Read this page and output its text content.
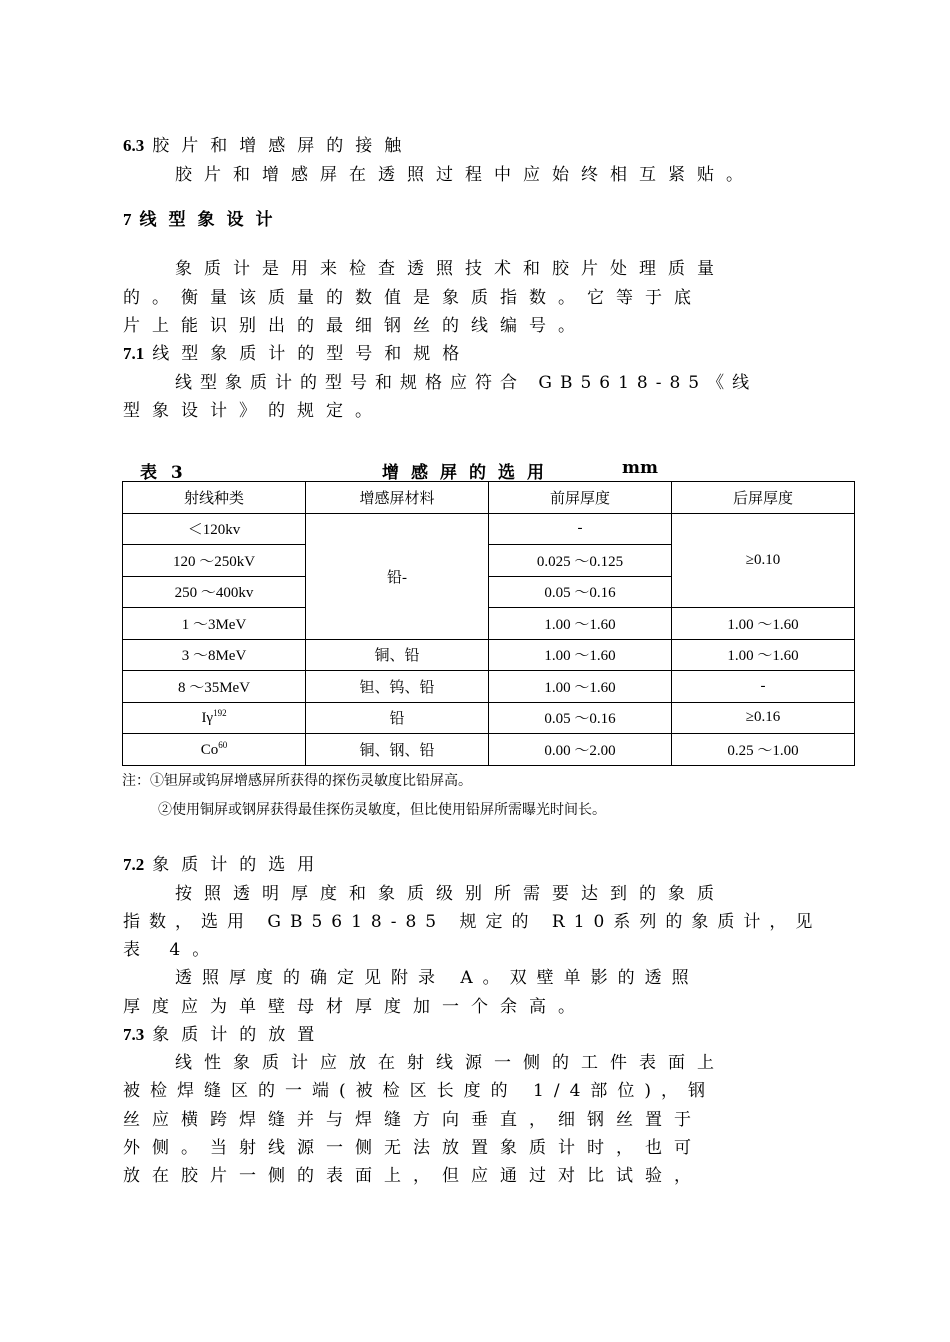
6.3 胶片和增感屏的接触
胶片和增感屏在透照过程中应始终相互紧贴。
7 线型象设计
象质计是用来检查透照技术和胶片处理质量
的。衡量该质量的数值是象质指数。它等于底
片上能识别出的最细钢丝的线编号。
7.1 线型象质计的型号和规格
线型象质计的型号和规格应符合 GB5618-85《线
型象设计》的规定。
表 3	增感屏的选用	mm
射线种类	增感屏材料	前屏厚度	后屏厚度
＜120kv	铅-	-	≥0.10
120 ～250kV		0.025 ～0.125	
250 ～400kv		0.05 ～0.16	
1 ～3MeV		1.00 ～1.60	1.00 ～1.60
3 ～8MeV	铜、铅	1.00 ～1.60	1.00 ～1.60
8 ～35MeV	钽、钨、铅	1.00 ～1.60	-
$I\gamma^{192}$	铅	0.05 ～0.16	≥0.16
Co$^{60}$	铜、钢、铅	0.00 ～2.00	0.25 ～1.00
注：①钽屏或钨屏增感屏所获得的探伤灵敏度比铅屏高。
②使用铜屏或钢屏获得最佳探伤灵敏度，但比使用铅屏所需曝光时间长。
7.2 象质计的选用
按照透明厚度和象质级别所需要达到的象质
指数，选用 GB5618-85 规定的 R10系列的象质计，见
表 4。
透照厚度的确定见附录 A。双壁单影的透照
厚度应为单壁母材厚度加一个余高。
7.3 象质计的放置
线性象质计应放在射线源一侧的工件表面上
被检焊缝区的一端(被检区长度的 1/4部位)，钢
丝应横跨焊缝并与焊缝方向垂直，细钢丝置于
外侧。当射线源一侧无法放置象质计时，也可
放在胶片一侧的表面上，但应通过对比试验，
